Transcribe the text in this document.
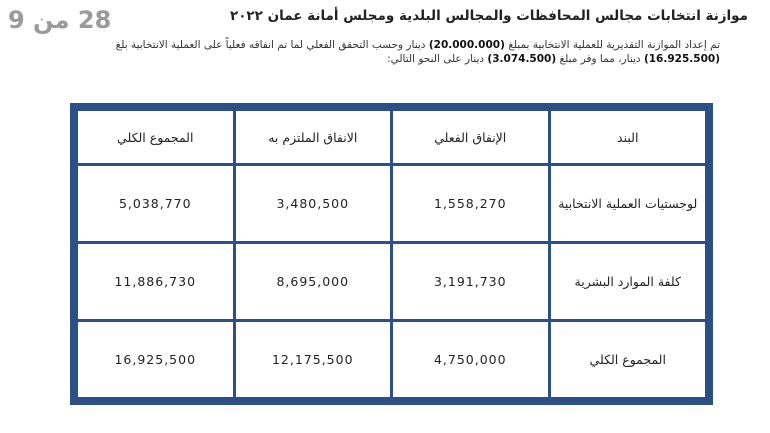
28 من 9	موازنة انتخابات مجالس المحافظات والمجالس البلدية ومجلس أمانة عمان ٢٠٢٢
تم إعداد الموازنة التقديرية للعملية الانتخابية بمبلغ (20.000.000) دينار وحسب التحقق الفعلي لما تم انفاقه فعلياً على العملية الانتخابية بلغ (16.925.500) دينار، مما وفر مبلغ (3.074.500) دينار على النحو التالي:
البند	الإنفاق الفعلي	الانفاق الملتزم به	المجموع الكلي
لوجستيات العملية الانتخابية	1,558,270	3,480,500	5,038,770
كلفة الموارد البشرية	3,191,730	8,695,000	11,886,730
المجموع الكلي	4,750,000	12,175,500	16,925,500
